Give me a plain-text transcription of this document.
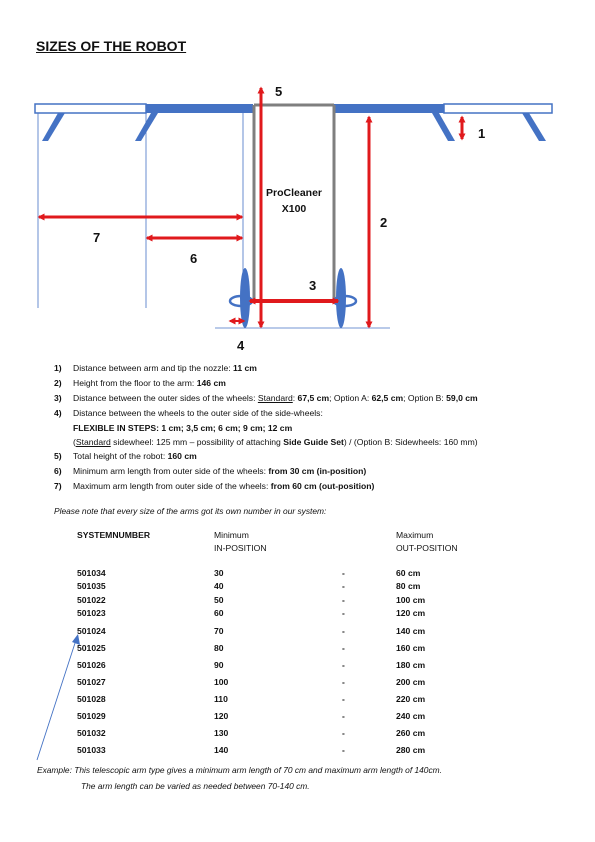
SIZES OF THE ROBOT
ProCleaner
X100
1
2
3
4
5
6
7
1) Distance between arm and tip the nozzle: 11 cm
2) Height from the floor to the arm: 146 cm
3) Distance between the outer sides of the wheels: Standard: 67,5 cm; Option A: 62,5 cm; Option B: 59,0 cm
4) Distance between the wheels to the outer side of the side-wheels:
FLEXIBLE IN STEPS: 1 cm; 3,5 cm; 6 cm; 9 cm; 12 cm
(Standard sidewheel: 125 mm – possibility of attaching Side Guide Set) / (Option B: Sidewheels: 160 mm)
5) Total height of the robot: 160 cm
6) Minimum arm length from outer side of the wheels: from 30 cm (in-position)
7) Maximum arm length from outer side of the wheels: from 60 cm (out-position)
Please note that every size of the arms got its own number in our system:
SYSTEMNUMBER	Minimum
IN-POSITION
Maximum
OUT-POSITION
501034	30	-	60 cm
501035	40	-	80 cm
501022	50	-	100 cm
501023	60	-	120 cm
501024	70	-	140 cm
501025	80	-	160 cm
501026	90	-	180 cm
501027	100	-	200 cm
501028	110	-	220 cm
501029	120	-	240 cm
501032	130	-	260 cm
501033	140	-	280 cm
Example: This telescopic arm type gives a minimum arm length of 70 cm and maximum arm length of 140cm.
The arm length can be varied as needed between 70-140 cm.
